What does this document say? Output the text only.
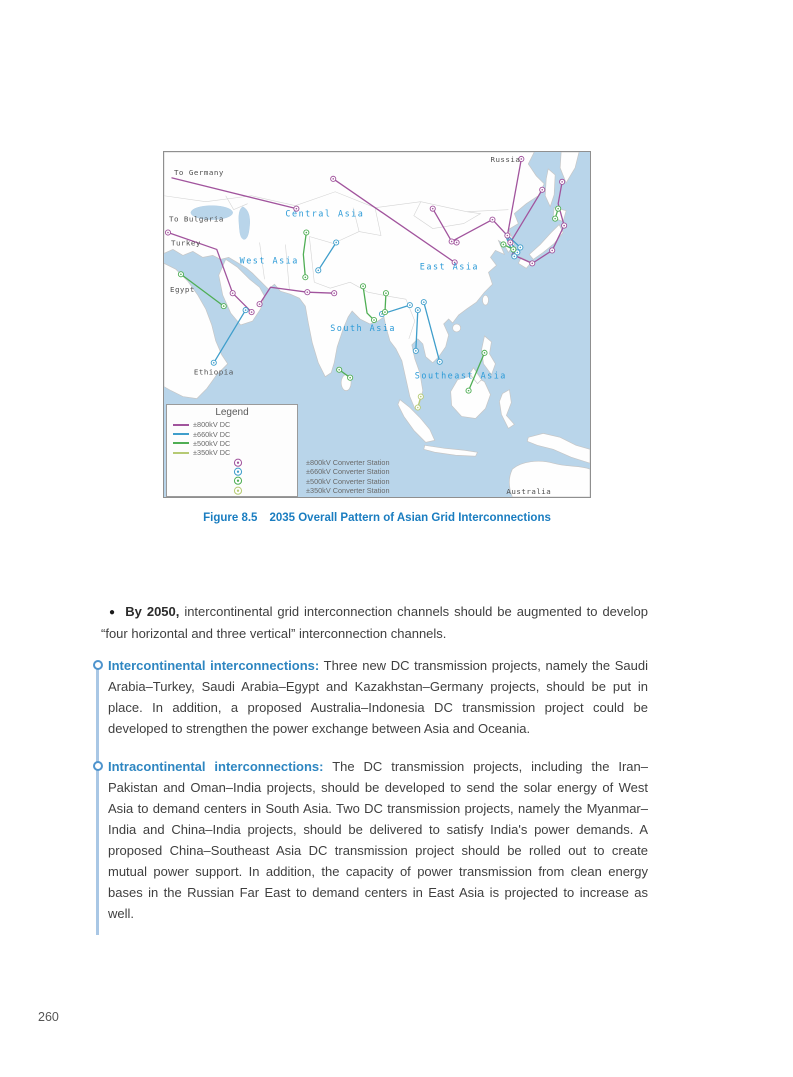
Central Asia
West Asia
East Asia
South Asia
Southeast Asia
To Germany
Russia
To Bulgaria
Turkey
Egypt
Ethiopia
Australia
Legend
±800kV DC
±660kV DC
±500kV DC
±350kV DC
±800kV Converter Station
±660kV Converter Station
±500kV Converter Station
±350kV Converter Station
Figure 8.5 2035 Overall Pattern of Asian Grid Interconnections

● By 2050, intercontinental grid interconnection channels should be augmented to develop “four horizontal and three vertical” interconnection channels.

Intercontinental interconnections: Three new DC transmission projects, namely the Saudi Arabia–Turkey, Saudi Arabia–Egypt and Kazakhstan–Germany projects, should be put in place. In addition, a proposed Australia–Indonesia DC transmission project could be developed to strengthen the power exchange between Asia and Oceania.

Intracontinental interconnections: The DC transmission projects, including the Iran–Pakistan and Oman–India projects, should be developed to send the solar energy of West Asia to demand centers in South Asia. Two DC transmission projects, namely the Myanmar–India and China–India projects, should be delivered to satisfy India's power demands. A proposed China–Southeast Asia DC transmission project should be rolled out to create mutual power support. In addition, the capacity of power transmission from clean energy bases in the Russian Far East to demand centers in East Asia is projected to increase as well.

260
